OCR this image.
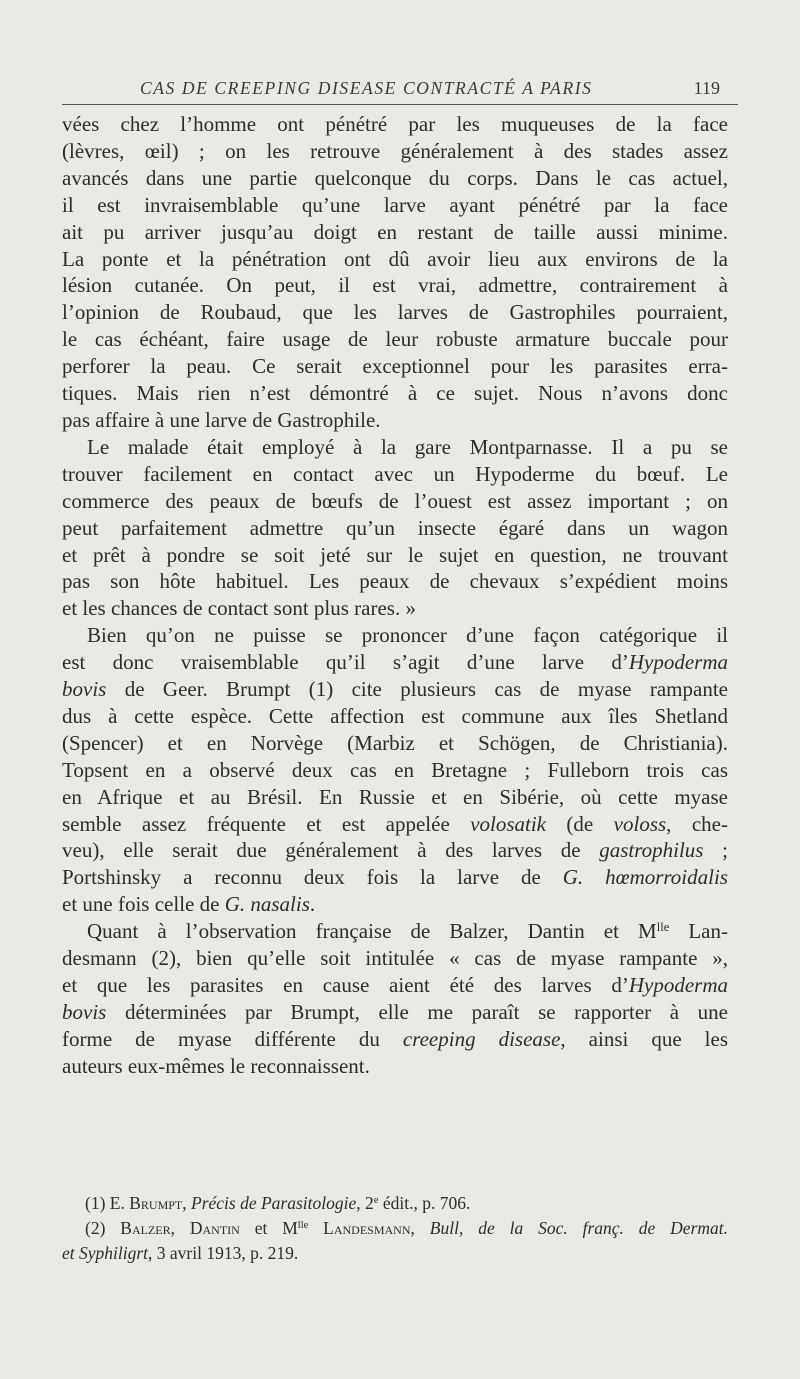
CAS DE CREEPING DISEASE CONTRACTÉ A PARIS	119

vées chez l’homme ont pénétré par les muqueuses de la face

(lèvres, œil) ; on les retrouve généralement à des stades assez

avancés dans une partie quelconque du corps. Dans le cas actuel,

il est invraisemblable qu’une larve ayant pénétré par la face

ait pu arriver jusqu’au doigt en restant de taille aussi minime.

La ponte et la pénétration ont dû avoir lieu aux environs de la

lésion cutanée. On peut, il est vrai, admettre, contrairement à

l’opinion de Roubaud, que les larves de Gastrophiles pourraient,

le cas échéant, faire usage de leur robuste armature buccale pour

perforer la peau. Ce serait exceptionnel pour les parasites erra-

tiques. Mais rien n’est démontré à ce sujet. Nous n’avons donc

pas affaire à une larve de Gastrophile.

Le malade était employé à la gare Montparnasse. Il a pu se

trouver facilement en contact avec un Hypoderme du bœuf. Le

commerce des peaux de bœufs de l’ouest est assez important ; on

peut parfaitement admettre qu’un insecte égaré dans un wagon

et prêt à pondre se soit jeté sur le sujet en question, ne trouvant

pas son hôte habituel. Les peaux de chevaux s’expédient moins

et les chances de contact sont plus rares. »

Bien qu’on ne puisse se prononcer d’une façon catégorique il

est donc vraisemblable qu’il s’agit d’une larve d’Hypoderma

bovis de Geer. Brumpt (1) cite plusieurs cas de myase rampante

dus à cette espèce. Cette affection est commune aux îles Shetland

(Spencer) et en Norvège (Marbiz et Schögen, de Christiania).

Topsent en a observé deux cas en Bretagne ; Fulleborn trois cas

en Afrique et au Brésil. En Russie et en Sibérie, où cette myase

semble assez fréquente et est appelée volosatik (de voloss, che-

veu), elle serait due généralement à des larves de gastrophilus ;

Portshinsky a reconnu deux fois la larve de G. hœmorroidalis

et une fois celle de G. nasalis.

Quant à l’observation française de Balzer, Dantin et $M^{lle}$ Lan-

desmann (2), bien qu’elle soit intitulée « cas de myase rampante »,

et que les parasites en cause aient été des larves d’Hypoderma

bovis déterminées par Brumpt, elle me paraît se rapporter à une

forme de myase différente du creeping disease, ainsi que les

auteurs eux-mêmes le reconnaissent.

(1) E. Brumpt, Précis de Parasitologie, 2e édit., p. 706.

(2) Balzer, Dantin et $M^{lle}$ Landesmann, Bull, de la Soc. franç. de Dermat.

et Syphiligrt, 3 avril 1913, p. 219.
